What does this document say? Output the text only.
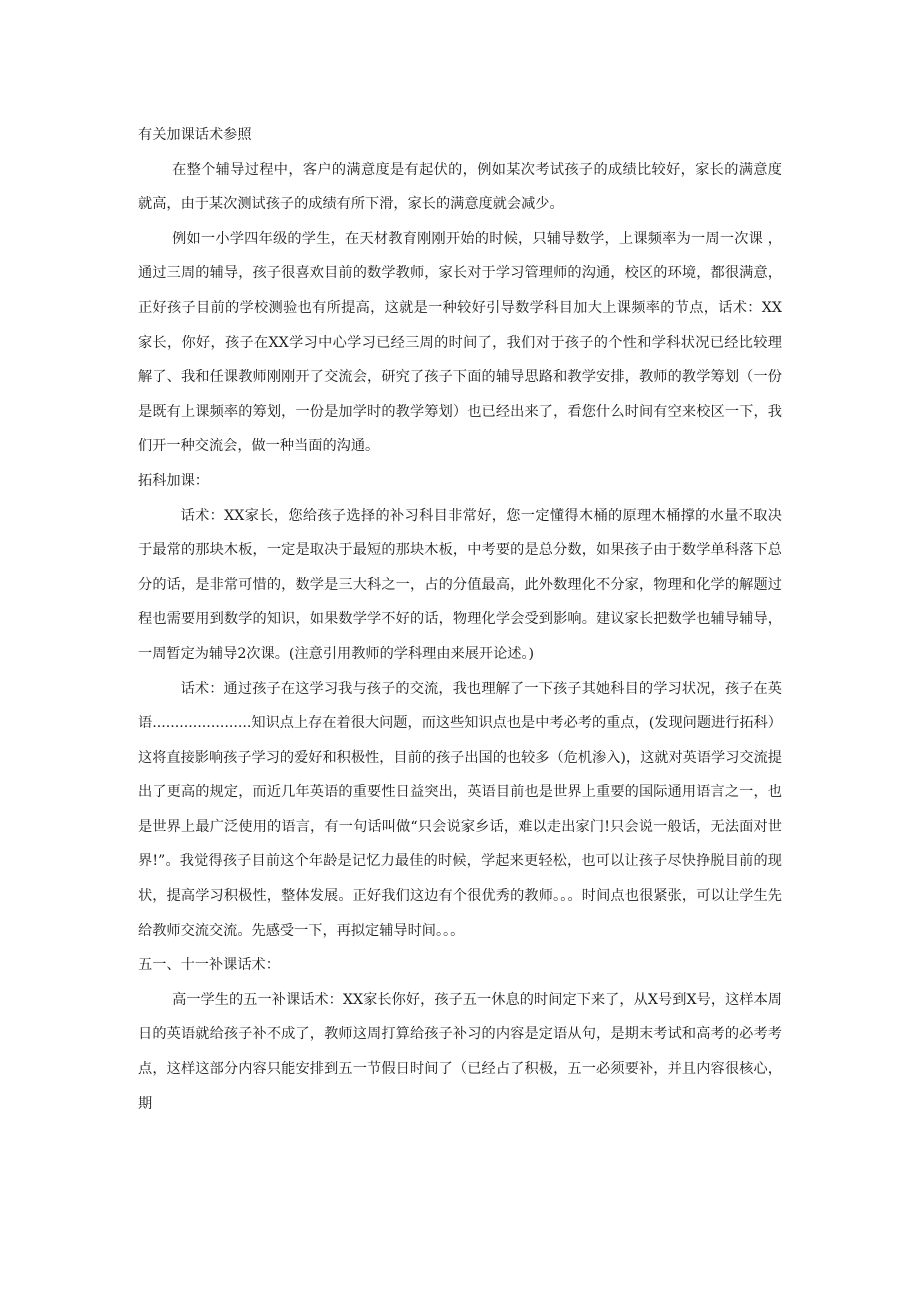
有关加课话术参照

在整个辅导过程中，客户的满意度是有起伏的，例如某次考试孩子的成绩比较好，家长的满意度就高，由于某次测试孩子的成绩有所下滑，家长的满意度就会减少。

例如一小学四年级的学生，在天材教育刚刚开始的时候，只辅导数学，上课频率为一周一次课 ，通过三周的辅导，孩子很喜欢目前的数学教师，家长对于学习管理师的沟通，校区的环境，都很满意，正好孩子目前的学校测验也有所提高，这就是一种较好引导数学科目加大上课频率的节点，话术：XX家长，你好，孩子在XX学习中心学习已经三周的时间了，我们对于孩子的个性和学科状况已经比较理解了、我和任课教师刚刚开了交流会，研究了孩子下面的辅导思路和教学安排，教师的教学筹划（一份是既有上课频率的筹划，一份是加学时的教学筹划）也已经出来了，看您什么时间有空来校区一下，我们开一种交流会，做一种当面的沟通。

拓科加课：

话术：XX家长，您给孩子选择的补习科目非常好，您一定懂得木桶的原理木桶撑的水量不取决于最常的那块木板，一定是取决于最短的那块木板，中考要的是总分数，如果孩子由于数学单科落下总分的话，是非常可惜的，数学是三大科之一，占的分值最高，此外数理化不分家，物理和化学的解题过程也需要用到数学的知识，如果数学学不好的话，物理化学会受到影响。建议家长把数学也辅导辅导，一周暂定为辅导2次课。(注意引用教师的学科理由来展开论述。)

话术：通过孩子在这学习我与孩子的交流，我也理解了一下孩子其她科目的学习状况，孩子在英语......................知识点上存在着很大问题，而这些知识点也是中考必考的重点，(发现问题进行拓科）这将直接影响孩子学习的爱好和积极性，目前的孩子出国的也较多（危机渗入)，这就对英语学习交流提出了更高的规定，而近几年英语的重要性日益突出，英语目前也是世界上重要的国际通用语言之一，也是世界上最广泛使用的语言，有一句话叫做“只会说家乡话，难以走出家门!只会说一般话，无法面对世界!”。我觉得孩子目前这个年龄是记忆力最佳的时候，学起来更轻松，也可以让孩子尽快挣脱目前的现状，提高学习积极性，整体发展。正好我们这边有个很优秀的教师。。。时间点也很紧张，可以让学生先给教师交流交流。先感受一下，再拟定辅导时间。。。

五一、十一补课话术：

高一学生的五一补课话术：XX家长你好，孩子五一休息的时间定下来了，从X号到X号，这样本周日的英语就给孩子补不成了，教师这周打算给孩子补习的内容是定语从句，是期末考试和高考的必考考点，这样这部分内容只能安排到五一节假日时间了（已经占了积极，五一必须要补，并且内容很核心，期
